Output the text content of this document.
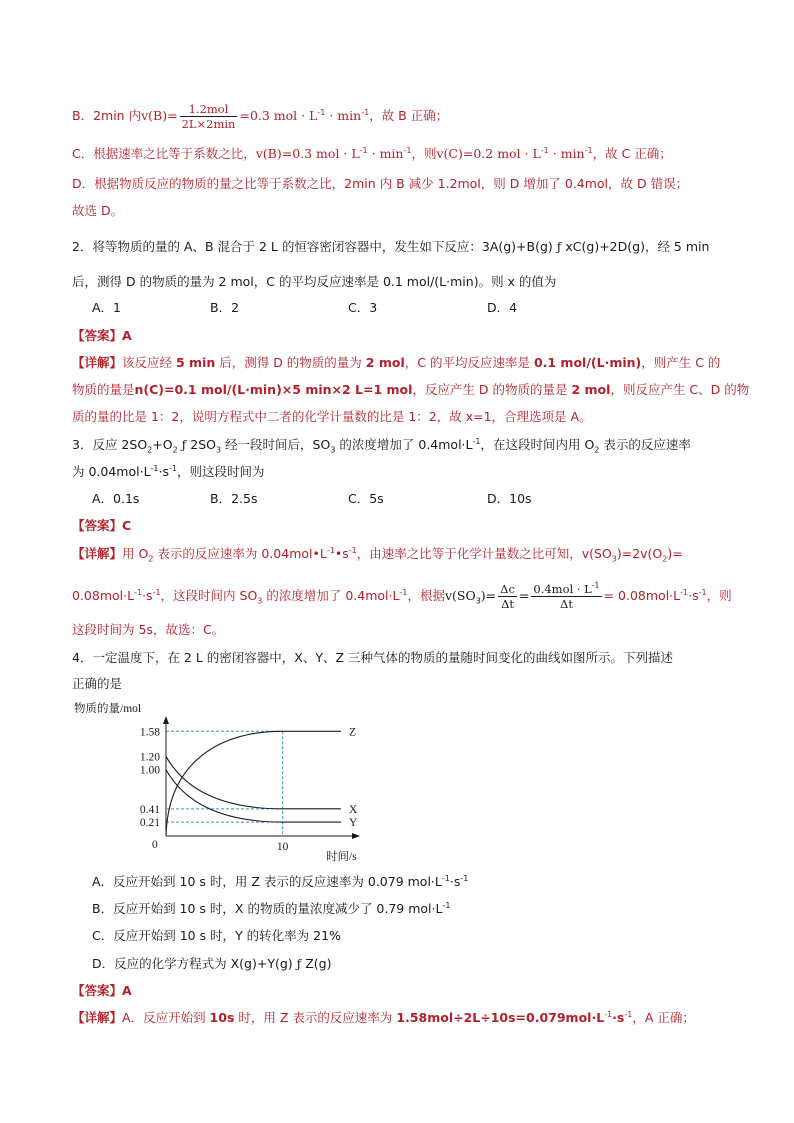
B．2min 内$v(B)= \frac{\text{1.2mol}}{2L\times 2\min} =0.3$ mol · $L^{-1} \cdot \min^{-1}$，故 B 正确；
C．根据速率之比等于系数之比，v(B)=0.3 mol · $L^{-1} \cdot \min^{-1}$，则v(C)=0.2 mol · $L^{-1} \cdot \min^{-1}$，故 C 正确；
D．根据物质反应的物质的量之比等于系数之比，2min 内 B 减少 1.2mol，则 D 增加了 0.4mol，故 D 错误；
故选 D。
2．将等物质的量的 A、B 混合于 2 L 的恒容密闭容器中，发生如下反应：3A(g)+B(g) ƒ xC(g)+2D(g)，经 5 min
后，测得 D 的物质的量为 2 mol，C 的平均反应速率是 0.1 mol/(L·min)。则 x 的值为
A．1	B．2	C．3	D．4
【答案】A
【详解】该反应经 5 min 后，测得 D 的物质的量为 2 mol，C 的平均反应速率是 0.1 mol/(L·min)，则产生 C 的
物质的量是n(C)=0.1 mol/(L·min)×5 min×2 L=1 mol，反应产生 D 的物质的量是 2 mol，则反应产生 C、D 的物
质的量的比是 1：2，说明方程式中二者的化学计量数的比是 1：2，故 x=1，合理选项是 A。
3．反应 $2SO_2+O_2$ ƒ $2SO_3$ 经一段时间后，$SO_3$ 的浓度增加了 $0.4mol\cdot L^{-1}$，在这段时间内用 $O_2$ 表示的反应速率
为 $0.04mol\cdot L^{-1}\cdot s^{-1}$，则这段时间为
A．0.1s	B．2.5s	C．5s	D．10s
【答案】C
【详解】用 $O_2$ 表示的反应速率为 $0.04mol•L^{-1}•s^{-1}$，由速率之比等于化学计量数之比可知，$v(SO_3)=2v(O_2)=$
$0.08mol\cdot L^{-1}\cdot s^{-1}$，这段时间内 $SO_3$ 的浓度增加了 $0.4mol\cdot L^{-1}$，根据$v(SO_3)= \frac{\Delta c}{\Delta t} = \frac{0.4mol \cdot L^{-1}}{\Delta t} = 0.08mol\cdot L^{-1}\cdot s^{-1}$，则
这段时间为 5s，故选：C。
4．一定温度下，在 2 L 的密闭容器中，X、Y、Z 三种气体的物质的量随时间变化的曲线如图所示。下列描述
正确的是
物质的量/mol
0
时间/s
1.58
1.20
1.00
0.41
0.21
10
Z
X
Y
A．反应开始到 10 s 时，用 Z 表示的反应速率为 0.079 $mol\cdot L^{-1}\cdot s^{-1}$
B．反应开始到 10 s 时，X 的物质的量浓度减少了 0.79 $mol\cdot L^{-1}$
C．反应开始到 10 s 时，Y 的转化率为 21%
D．反应的化学方程式为 X(g)+Y(g) ƒ Z(g)
【答案】A
【详解】A．反应开始到 10s 时，用 Z 表示的反应速率为 $1.58mol\div 2L\div 10s=0.079mol\cdot L^{-1}\cdot s^{-1}$，A 正确；
